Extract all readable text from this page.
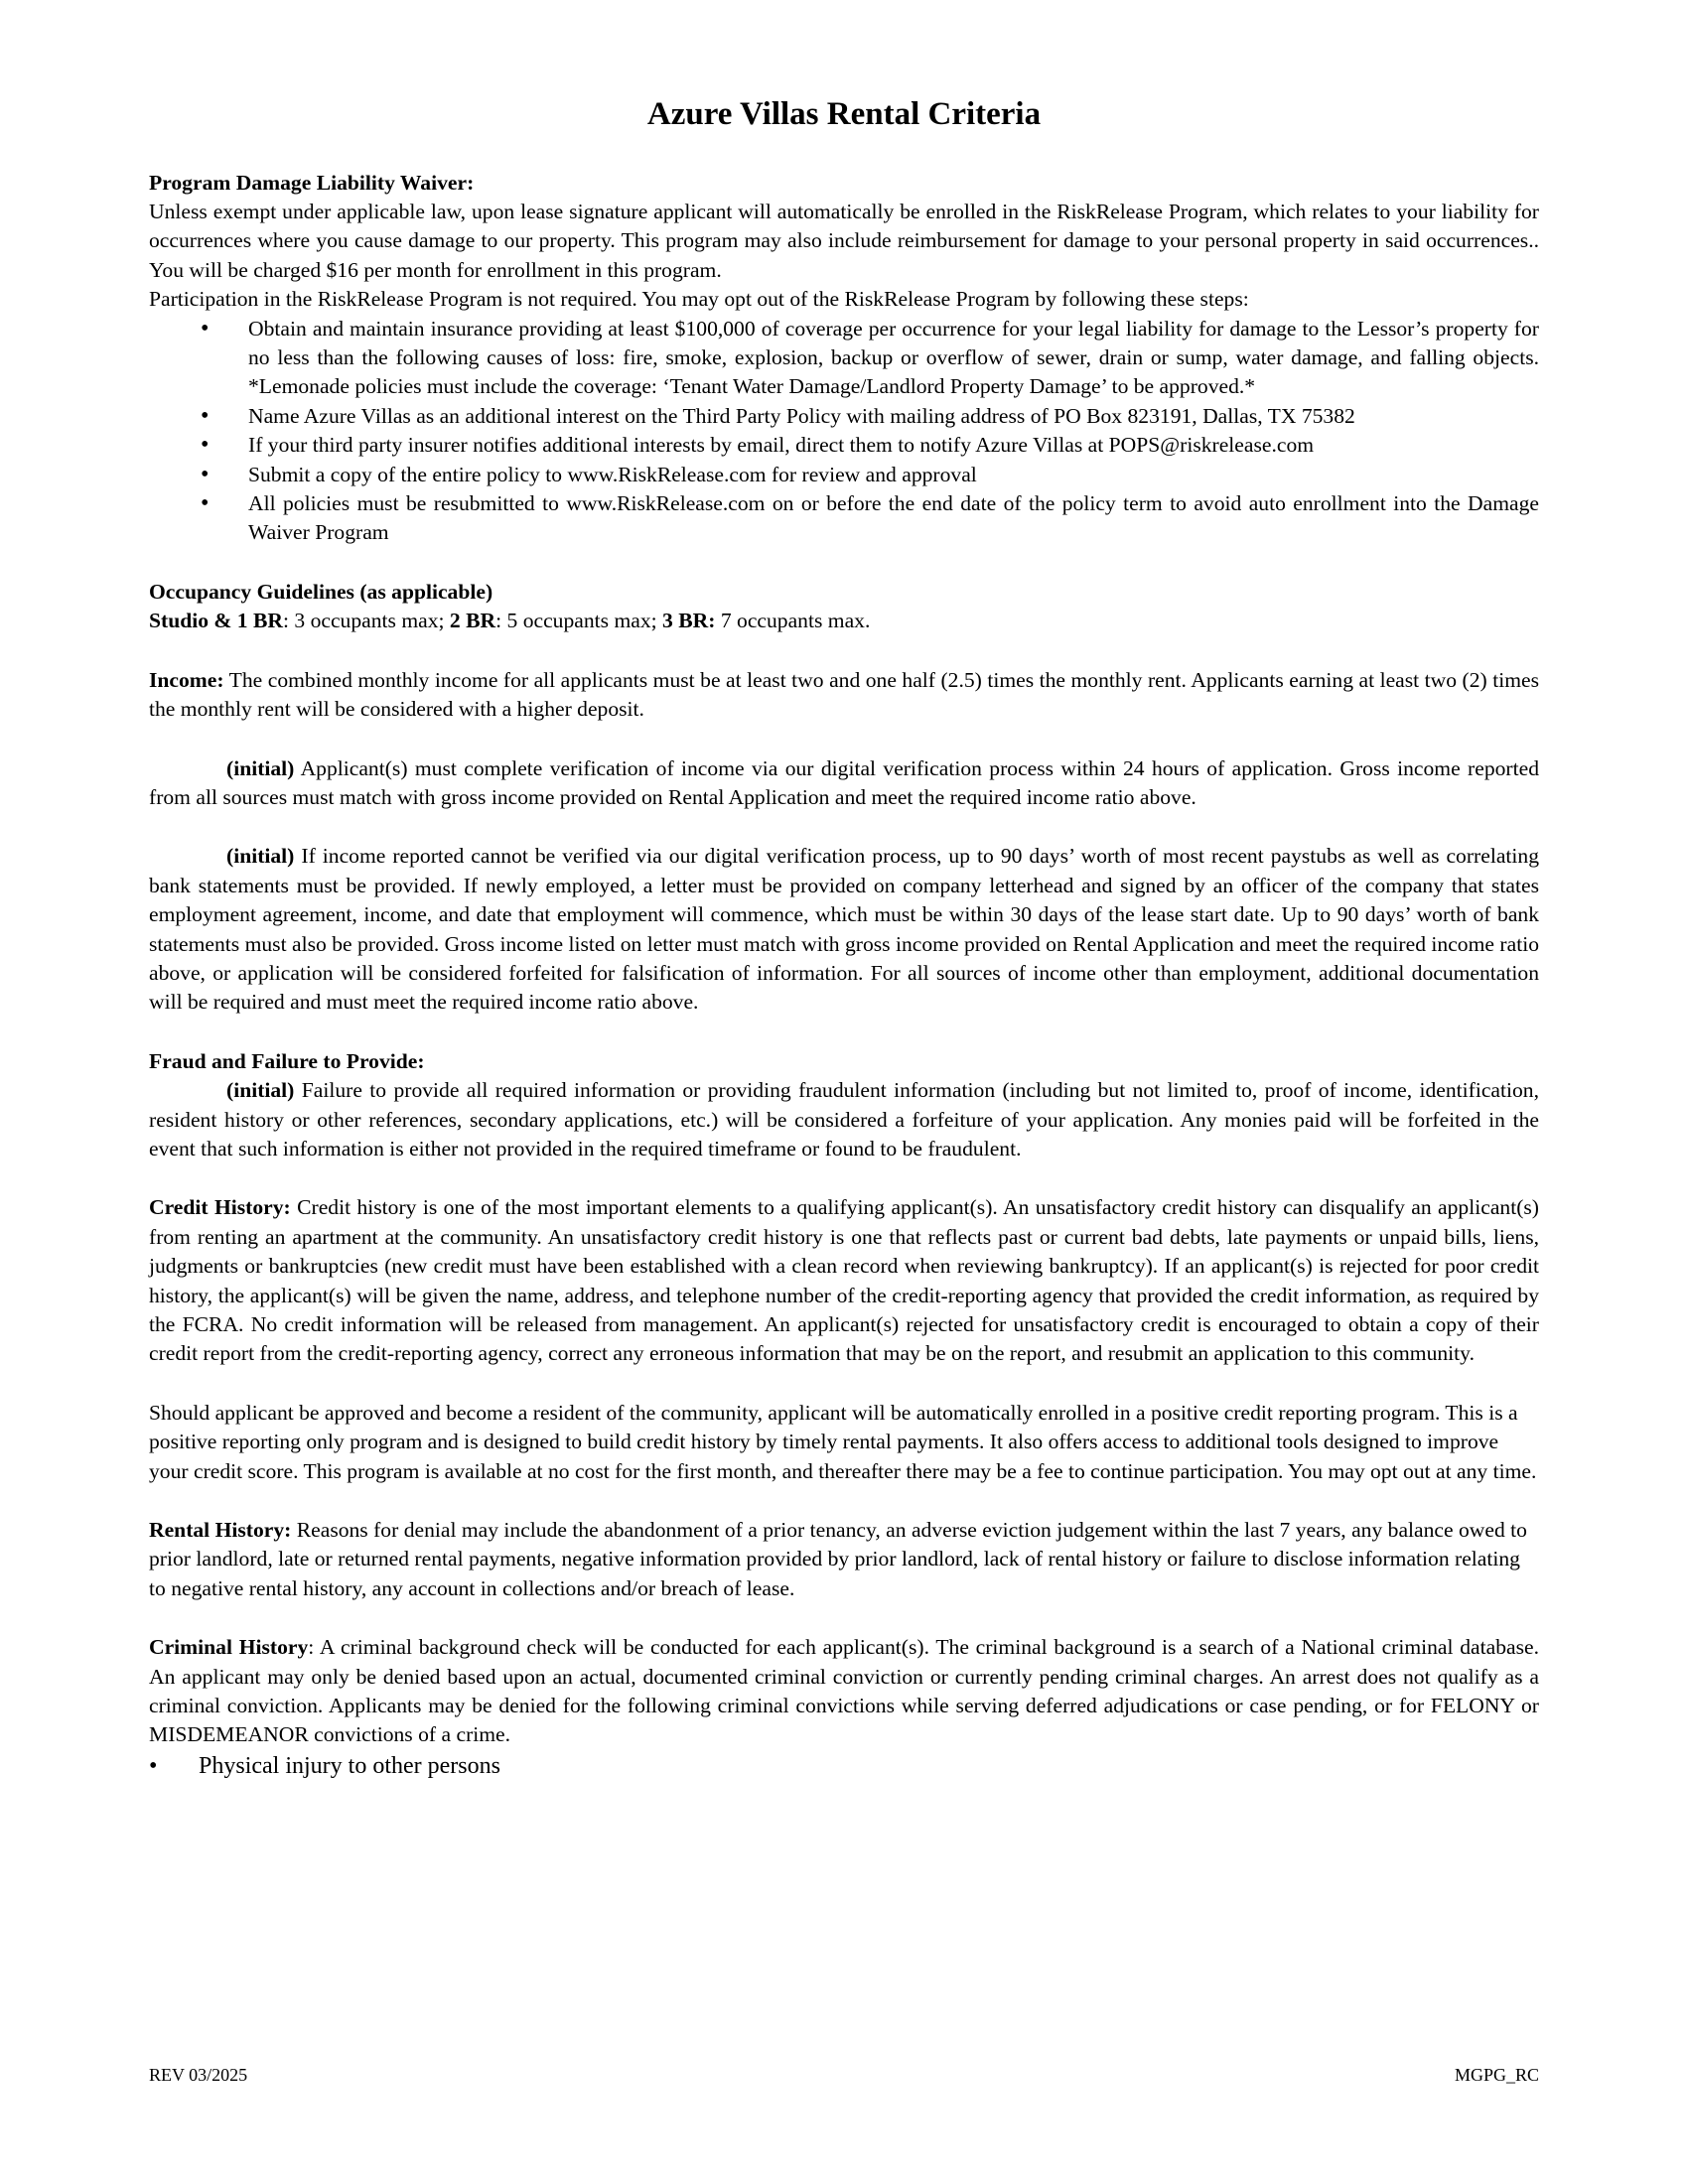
Azure Villas Rental Criteria

Program Damage Liability Waiver:

Unless exempt under applicable law, upon lease signature applicant will automatically be enrolled in the RiskRelease Program, which relates to your liability for occurrences where you cause damage to our property. This program may also include reimbursement for damage to your personal property in said occurrences.. You will be charged $16 per month for enrollment in this program.

Participation in the RiskRelease Program is not required. You may opt out of the RiskRelease Program by following these steps:

• Obtain and maintain insurance providing at least $100,000 of coverage per occurrence for your legal liability for damage to the Lessor’s property for no less than the following causes of loss: fire, smoke, explosion, backup or overflow of sewer, drain or sump, water damage, and falling objects. *Lemonade policies must include the coverage: ‘Tenant Water Damage/Landlord Property Damage’ to be approved.*
• Name Azure Villas as an additional interest on the Third Party Policy with mailing address of PO Box 823191, Dallas, TX 75382
• If your third party insurer notifies additional interests by email, direct them to notify Azure Villas at POPS@riskrelease.com
• Submit a copy of the entire policy to www.RiskRelease.com for review and approval
• All policies must be resubmitted to www.RiskRelease.com on or before the end date of the policy term to avoid auto enrollment into the Damage Waiver Program

Occupancy Guidelines (as applicable)

Studio & 1 BR: 3 occupants max; 2 BR: 5 occupants max; 3 BR: 7 occupants max.

Income: The combined monthly income for all applicants must be at least two and one half (2.5) times the monthly rent. Applicants earning at least two (2) times the monthly rent will be considered with a higher deposit.

(initial) Applicant(s) must complete verification of income via our digital verification process within 24 hours of application. Gross income reported from all sources must match with gross income provided on Rental Application and meet the required income ratio above.

(initial) If income reported cannot be verified via our digital verification process, up to 90 days’ worth of most recent paystubs as well as correlating bank statements must be provided. If newly employed, a letter must be provided on company letterhead and signed by an officer of the company that states employment agreement, income, and date that employment will commence, which must be within 30 days of the lease start date. Up to 90 days’ worth of bank statements must also be provided. Gross income listed on letter must match with gross income provided on Rental Application and meet the required income ratio above, or application will be considered forfeited for falsification of information. For all sources of income other than employment, additional documentation will be required and must meet the required income ratio above.

Fraud and Failure to Provide:

(initial) Failure to provide all required information or providing fraudulent information (including but not limited to, proof of income, identification, resident history or other references, secondary applications, etc.) will be considered a forfeiture of your application. Any monies paid will be forfeited in the event that such information is either not provided in the required timeframe or found to be fraudulent.

Credit History: Credit history is one of the most important elements to a qualifying applicant(s). An unsatisfactory credit history can disqualify an applicant(s) from renting an apartment at the community. An unsatisfactory credit history is one that reflects past or current bad debts, late payments or unpaid bills, liens, judgments or bankruptcies (new credit must have been established with a clean record when reviewing bankruptcy). If an applicant(s) is rejected for poor credit history, the applicant(s) will be given the name, address, and telephone number of the credit-reporting agency that provided the credit information, as required by the FCRA. No credit information will be released from management. An applicant(s) rejected for unsatisfactory credit is encouraged to obtain a copy of their credit report from the credit-reporting agency, correct any erroneous information that may be on the report, and resubmit an application to this community.

Should applicant be approved and become a resident of the community, applicant will be automatically enrolled in a positive credit reporting program. This is a positive reporting only program and is designed to build credit history by timely rental payments. It also offers access to additional tools designed to improve your credit score. This program is available at no cost for the first month, and thereafter there may be a fee to continue participation. You may opt out at any time.

Rental History: Reasons for denial may include the abandonment of a prior tenancy, an adverse eviction judgement within the last 7 years, any balance owed to prior landlord, late or returned rental payments, negative information provided by prior landlord, lack of rental history or failure to disclose information relating to negative rental history, any account in collections and/or breach of lease.

Criminal History: A criminal background check will be conducted for each applicant(s). The criminal background is a search of a National criminal database. An applicant may only be denied based upon an actual, documented criminal conviction or currently pending criminal charges. An arrest does not qualify as a criminal conviction. Applicants may be denied for the following criminal convictions while serving deferred adjudications or case pending, or for FELONY or MISDEMEANOR convictions of a crime.

• Physical injury to other persons
REV 03/2025	MGPG_RC
